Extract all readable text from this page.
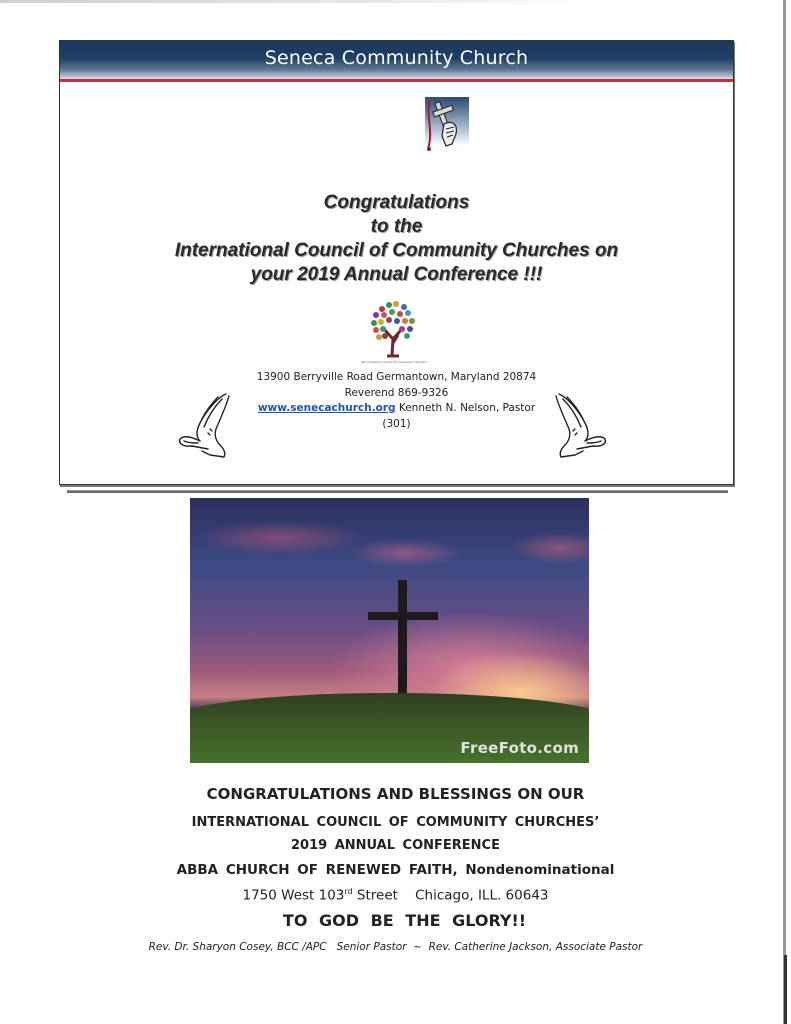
Seneca Community Church
Congratulations
to the
International Council of Community Churches on
your 2019 Annual Conference !!!
International Council of Community Churches
13900 Berryville Road Germantown, Maryland 20874
Reverend 869-9326
www.senecachurch.org Kenneth N. Nelson, Pastor
(301)
FreeFoto.com
CONGRATULATIONS AND BLESSINGS ON OUR
INTERNATIONAL COUNCIL OF COMMUNITY CHURCHES’
2019 ANNUAL CONFERENCE
ABBA CHURCH OF RENEWED FAITH, Nondenominational
1750 West 103rd Street Chicago, ILL. 60643
TO GOD BE THE GLORY!!
Rev. Dr. Sharyon Cosey, BCC /APC   Senior Pastor  ~  Rev. Catherine Jackson, Associate Pastor
